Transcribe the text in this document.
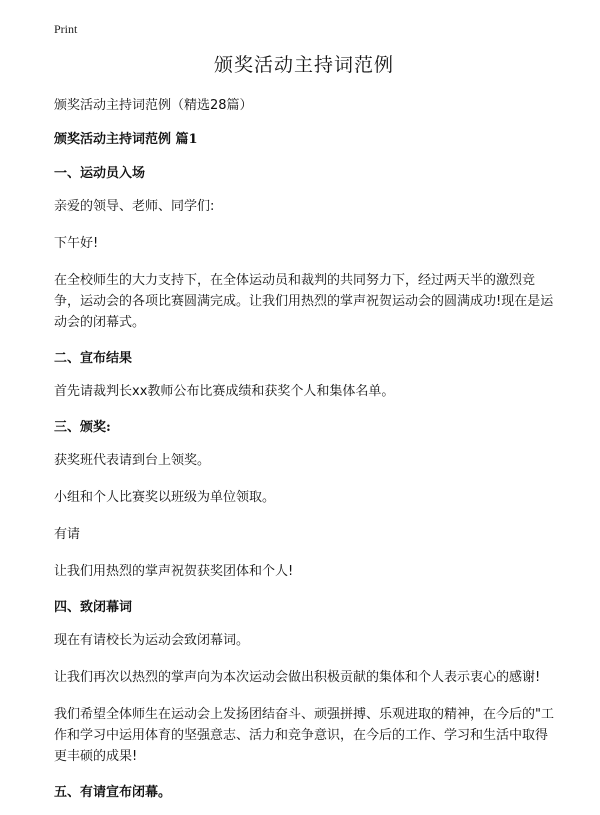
Print
颁奖活动主持词范例

颁奖活动主持词范例（精选28篇）

颁奖活动主持词范例 篇1
一、运动员入场

亲爱的领导、老师、同学们:

下午好!

在全校师生的大力支持下，在全体运动员和裁判的共同努力下，经过两天半的激烈竞争，运动会的各项比赛圆满完成。让我们用热烈的掌声祝贺运动会的圆满成功!现在是运动会的闭幕式。

二、宣布结果

首先请裁判长xx教师公布比赛成绩和获奖个人和集体名单。

三、颁奖:

获奖班代表请到台上领奖。

小组和个人比赛奖以班级为单位领取。

有请

让我们用热烈的掌声祝贺获奖团体和个人!

四、致闭幕词

现在有请校长为运动会致闭幕词。

让我们再次以热烈的掌声向为本次运动会做出积极贡献的集体和个人表示衷心的感谢!

我们希望全体师生在运动会上发扬团结奋斗、顽强拼搏、乐观进取的精神，在今后的"工作和学习中运用体育的坚强意志、活力和竞争意识，在今后的工作、学习和生活中取得更丰硕的成果!

五、有请宣布闭幕。
